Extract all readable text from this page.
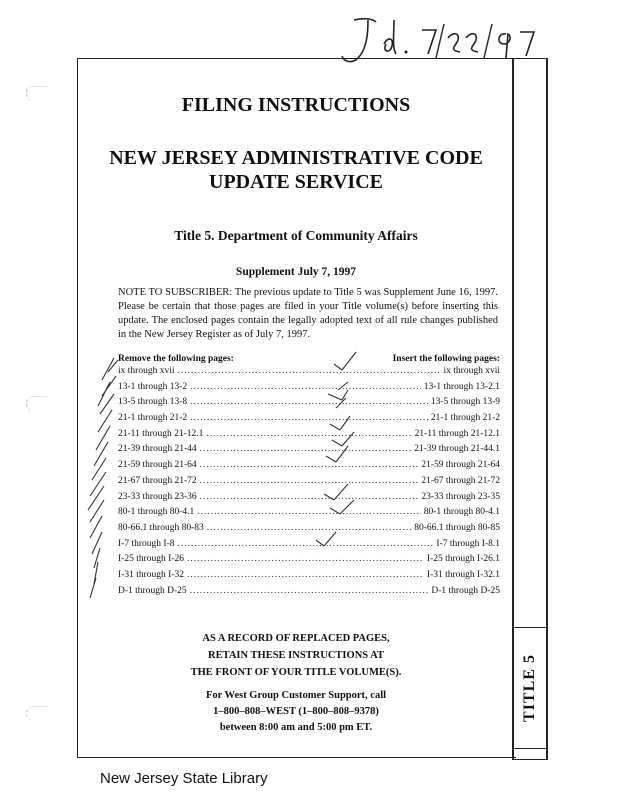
TITLE 5
FILING INSTRUCTIONS
NEW JERSEY ADMINISTRATIVE CODE
UPDATE SERVICE
Title 5. Department of Community Affairs
Supplement July 7, 1997
NOTE TO SUBSCRIBER: The previous update to Title 5 was Supplement June 16, 1997. Please be certain that those pages are filed in your Title volume(s) before inserting this update. The enclosed pages contain the legally adopted text of all rule changes published in the New Jersey Register as of July 7, 1997.
Remove the following pages:	Insert the following pages:
ix through xvii .....	ix through xvii
13-1 through 13-2 .....	13-1 through 13-2.1
13-5 through 13-8 .....	13-5 through 13-9
21-1 through 21-2 .....	21-1 through 21-2
21-11 through 21-12.1 .....	21-11 through 21-12.1
21-39 through 21-44 .....	21-39 through 21-44.1
21-59 through 21-64 .....	21-59 through 21-64
21-67 through 21-72 .....	21-67 through 21-72
23-33 through 23-36 .....	23-33 through 23-35
80-1 through 80-4.1 .....	80-1 through 80-4.1
80-66.1 through 80-83 .....	80-66.1 through 80-85
I-7 through I-8 .....	I-7 through I-8.1
I-25 through I-26 .....	I-25 through I-26.1
I-31 through I-32 .....	I-31 through I-32.1
D-1 through D-25 .....	D-1 through D-25
AS A RECORD OF REPLACED PAGES,
RETAIN THESE INSTRUCTIONS AT
THE FRONT OF YOUR TITLE VOLUME(S).
For West Group Customer Support, call
1–800–808–WEST (1–800–808–9378)
between 8:00 am and 5:00 pm ET.
New Jersey State Library
